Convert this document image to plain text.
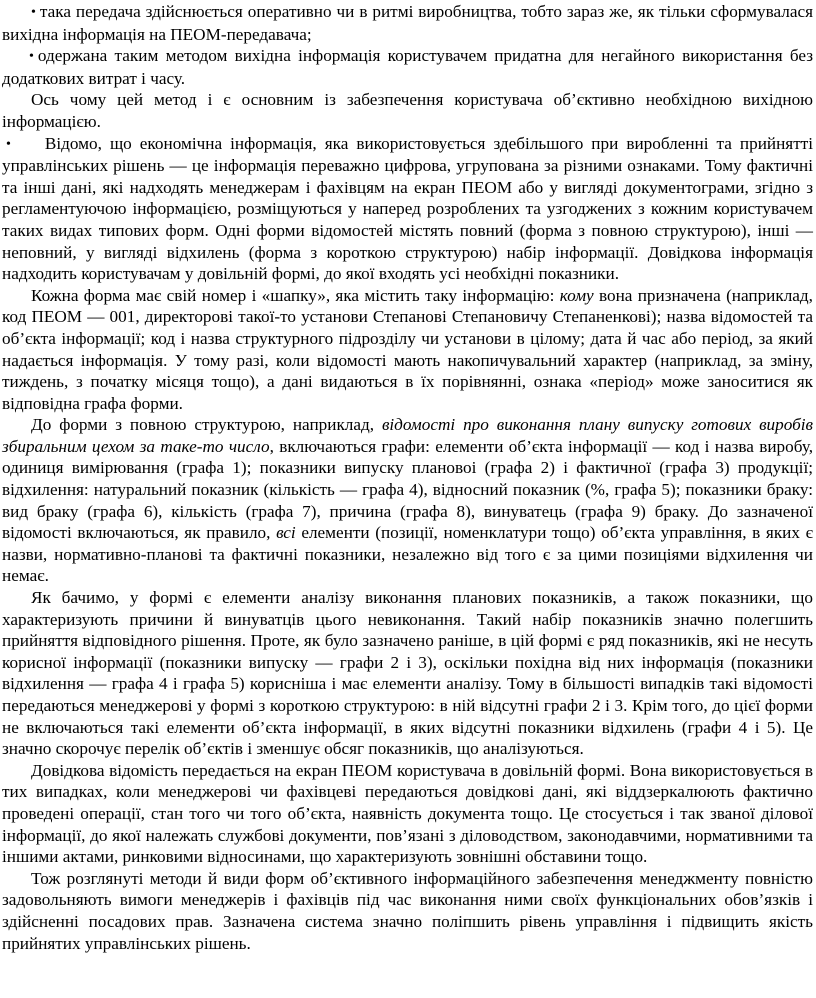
• така передача здійснюється оперативно чи в ритмі виробництва, тобто зараз же, як тільки сформувалася вихідна інформація на ПЕОМ-передавача;

• одержана таким методом вихідна інформація користувачем придатна для негайного використання без додаткових витрат і часу.

Ось чому цей метод і є основним із забезпечення користувача об’єктивно необхідною вихідною інформацією.

• Відомо, що економічна інформація, яка використовується здебільшого при виробленні та прийнятті управлінських рішень — це інформація переважно цифрова, угрупована за різними ознаками. Тому фактичні та інші дані, які надходять менеджерам і фахівцям на екран ПЕОМ або у вигляді документограми, згідно з регламентуючою інформацією, розміщуються у наперед розроблених та узгоджених з кожним користувачем таких видах типових форм. Одні форми відомостей містять повний (форма з повною структурою), інші — неповний, у вигляді відхилень (форма з короткою структурою) набір інформації. Довідкова інформація надходить користувачам у довільній формі, до якої входять усі необхідні показники.

Кожна форма має свій номер і «шапку», яка містить таку інформацію: кому вона призначена (наприклад, код ПЕОМ — 001, директорові такої-то установи Степанові Степановичу Степаненкові); назва відомостей та об’єкта інформації; код і назва структурного підрозділу чи установи в цілому; дата й час або період, за який надається інформація. У тому разі, коли відомості мають накопичувальний характер (наприклад, за зміну, тиждень, з початку місяця тощо), а дані видаються в їх порівнянні, ознака «період» може заноситися як відповідна графа форми.

До форми з повною структурою, наприклад, відомості про виконання плану випуску готових виробів збиральним цехом за таке-то число, включаються графи: елементи об’єкта інформації — код і назва виробу, одиниця вимірювання (графа 1); показники випуску плановоі (графа 2) і фактичної (графа 3) продукції; відхилення: натуральний показник (кількість — графа 4), відносний показник (%, графа 5); показники браку: вид браку (графа 6), кількість (графа 7), причина (графа 8), винуватець (графа 9) браку. До зазначеної відомості включаються, як правило, всі елементи (позиції, номенклатури тощо) об’єкта управління, в яких є назви, нормативно-планові та фактичні показники, незалежно від того є за цими позиціями відхилення чи немає.

Як бачимо, у формі є елементи аналізу виконання планових показників, а також показники, що характеризують причини й винуватців цього невиконання. Такий набір показників значно полегшить прийняття відповідного рішення. Проте, як було зазначено раніше, в цій формі є ряд показників, які не несуть корисної інформації (показники випуску — графи 2 і 3), оскільки похідна від них інформація (показники відхилення — графа 4 і графа 5) корисніша і має елементи аналізу. Тому в більшості випадків такі відомості передаються менеджерові у формі з короткою структурою: в ній відсутні графи 2 і 3. Крім того, до цієї форми не включаються такі елементи об’єкта інформації, в яких відсутні показники відхилень (графи 4 і 5). Це значно скорочує перелік об’єктів і зменшує обсяг показників, що аналізуються.

Довідкова відомість передається на екран ПЕОМ користувача в довільній формі. Вона використовується в тих випадках, коли менеджерові чи фахівцеві передаються довідкові дані, які віддзеркалюють фактично проведені операції, стан того чи того об’єкта, наявність документа тощо. Це стосується і так званої ділової інформації, до якої належать службові документи, пов’язані з діловодством, законодавчими, нормативними та іншими актами, ринковими відносинами, що характеризують зовнішні обставини тощо.

Тож розглянуті методи й види форм об’єктивного інформаційного забезпечення менеджменту повністю задовольняють вимоги менеджерів і фахівців під час виконання ними своїх функціональних обов’язків і здійсненні посадових прав. Зазначена система значно поліпшить рівень управління і підвищить якість прийнятих управлінських рішень.
